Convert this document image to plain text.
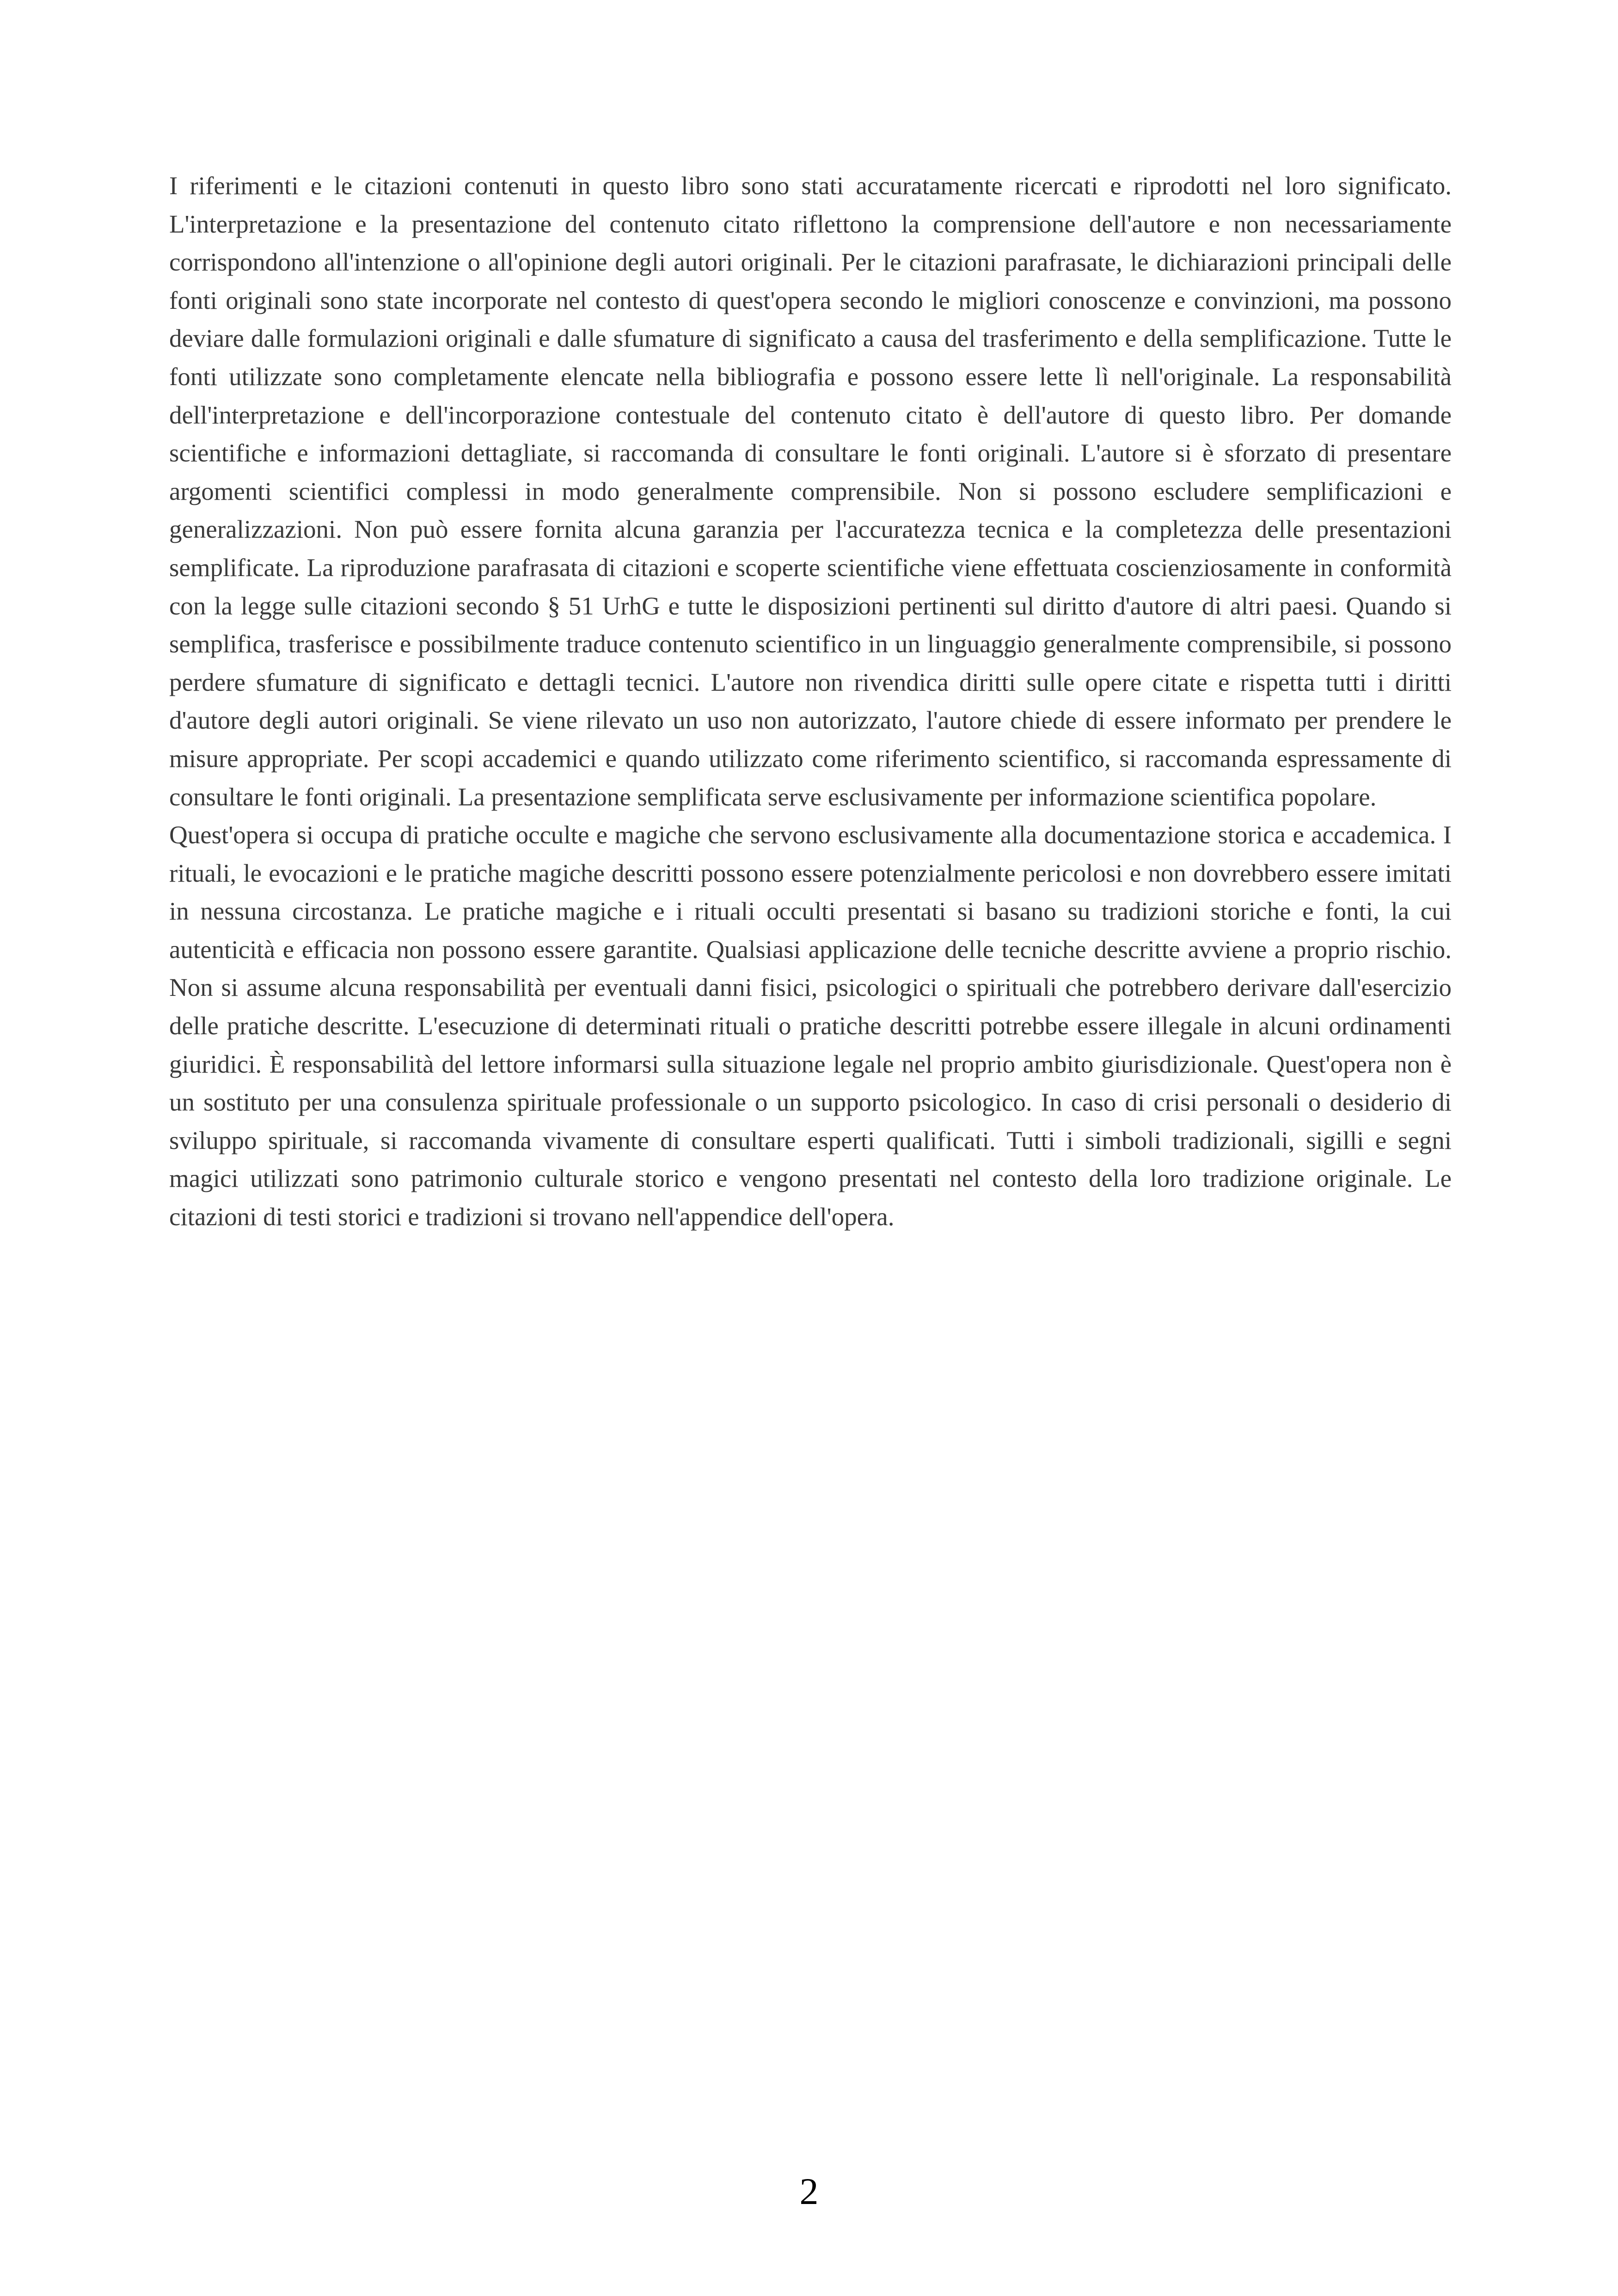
I riferimenti e le citazioni contenuti in questo libro sono stati accuratamente ricercati e riprodotti nel loro significato. L'interpretazione e la presentazione del contenuto citato riflettono la comprensione dell'autore e non necessariamente corrispondono all'intenzione o all'opinione degli autori originali. Per le citazioni parafrasate, le dichiarazioni principali delle fonti originali sono state incorporate nel contesto di quest'opera secondo le migliori conoscenze e convinzioni, ma possono deviare dalle formulazioni originali e dalle sfumature di significato a causa del trasferimento e della semplificazione. Tutte le fonti utilizzate sono completamente elencate nella bibliografia e possono essere lette lì nell'originale. La responsabilità dell'interpretazione e dell'incorporazione contestuale del contenuto citato è dell'autore di questo libro. Per domande scientifiche e informazioni dettagliate, si raccomanda di consultare le fonti originali. L'autore si è sforzato di presentare argomenti scientifici complessi in modo generalmente comprensibile. Non si possono escludere semplificazioni e generalizzazioni. Non può essere fornita alcuna garanzia per l'accuratezza tecnica e la completezza delle presentazioni semplificate. La riproduzione parafrasata di citazioni e scoperte scientifiche viene effettuata coscienziosamente in conformità con la legge sulle citazioni secondo § 51 UrhG e tutte le disposizioni pertinenti sul diritto d'autore di altri paesi. Quando si semplifica, trasferisce e possibilmente traduce contenuto scientifico in un linguaggio generalmente comprensibile, si possono perdere sfumature di significato e dettagli tecnici. L'autore non rivendica diritti sulle opere citate e rispetta tutti i diritti d'autore degli autori originali. Se viene rilevato un uso non autorizzato, l'autore chiede di essere informato per prendere le misure appropriate. Per scopi accademici e quando utilizzato come riferimento scientifico, si raccomanda espressamente di consultare le fonti originali. La presentazione semplificata serve esclusivamente per informazione scientifica popolare.

Quest'opera si occupa di pratiche occulte e magiche che servono esclusivamente alla documentazione storica e accademica. I rituali, le evocazioni e le pratiche magiche descritti possono essere potenzialmente pericolosi e non dovrebbero essere imitati in nessuna circostanza. Le pratiche magiche e i rituali occulti presentati si basano su tradizioni storiche e fonti, la cui autenticità e efficacia non possono essere garantite. Qualsiasi applicazione delle tecniche descritte avviene a proprio rischio. Non si assume alcuna responsabilità per eventuali danni fisici, psicologici o spirituali che potrebbero derivare dall'esercizio delle pratiche descritte. L'esecuzione di determinati rituali o pratiche descritti potrebbe essere illegale in alcuni ordinamenti giuridici. È responsabilità del lettore informarsi sulla situazione legale nel proprio ambito giurisdizionale. Quest'opera non è un sostituto per una consulenza spirituale professionale o un supporto psicologico. In caso di crisi personali o desiderio di sviluppo spirituale, si raccomanda vivamente di consultare esperti qualificati. Tutti i simboli tradizionali, sigilli e segni magici utilizzati sono patrimonio culturale storico e vengono presentati nel contesto della loro tradizione originale. Le citazioni di testi storici e tradizioni si trovano nell'appendice dell'opera.

2
